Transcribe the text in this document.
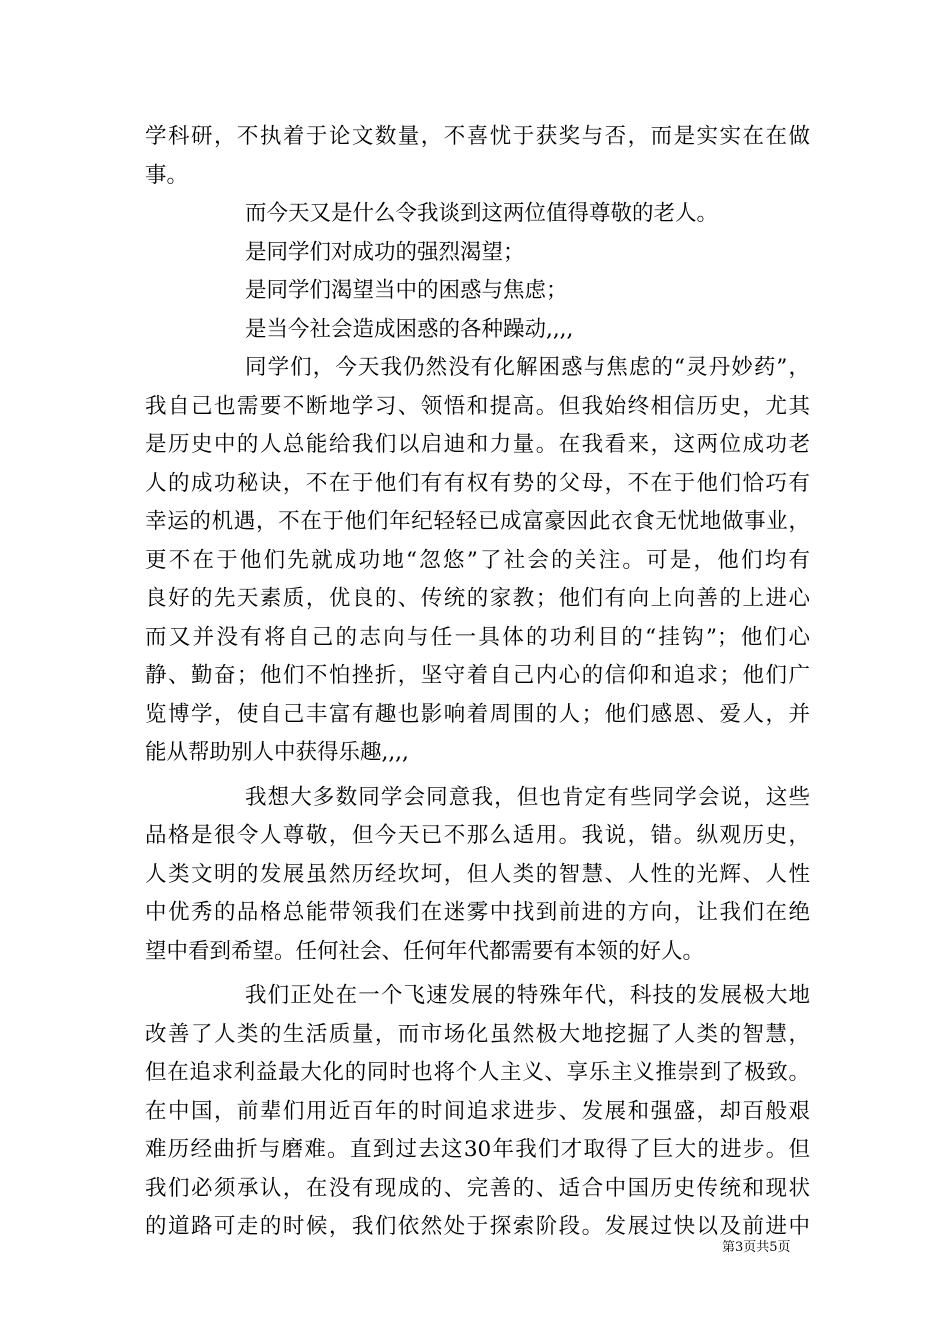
学科研，不执着于论文数量，不喜忧于获奖与否，而是实实在在做
事。
而今天又是什么令我谈到这两位值得尊敬的老人。
是同学们对成功的强烈渴望；
是同学们渴望当中的困惑与焦虑；
是当今社会造成困惑的各种躁动,,,,
同学们，今天我仍然没有化解困惑与焦虑的“灵丹妙药”，
我自己也需要不断地学习、领悟和提高。但我始终相信历史，尤其
是历史中的人总能给我们以启迪和力量。在我看来，这两位成功老
人的成功秘诀，不在于他们有有权有势的父母，不在于他们恰巧有
幸运的机遇，不在于他们年纪轻轻已成富豪因此衣食无忧地做事业，
更不在于他们先就成功地“忽悠”了社会的关注。可是，他们均有
良好的先天素质，优良的、传统的家教；他们有向上向善的上进心
而又并没有将自己的志向与任一具体的功利目的“挂钩”；他们心
静、勤奋；他们不怕挫折，坚守着自己内心的信仰和追求；他们广
览博学，使自己丰富有趣也影响着周围的人；他们感恩、爱人，并
能从帮助别人中获得乐趣,,,,
我想大多数同学会同意我，但也肯定有些同学会说，这些
品格是很令人尊敬，但今天已不那么适用。我说，错。纵观历史，
人类文明的发展虽然历经坎坷，但人类的智慧、人性的光辉、人性
中优秀的品格总能带领我们在迷雾中找到前进的方向，让我们在绝
望中看到希望。任何社会、任何年代都需要有本领的好人。
我们正处在一个飞速发展的特殊年代，科技的发展极大地
改善了人类的生活质量，而市场化虽然极大地挖掘了人类的智慧，
但在追求利益最大化的同时也将个人主义、享乐主义推崇到了极致。
在中国，前辈们用近百年的时间追求进步、发展和强盛，却百般艰
难历经曲折与磨难。直到过去这30年我们才取得了巨大的进步。但
我们必须承认，在没有现成的、完善的、适合中国历史传统和现状
的道路可走的时候，我们依然处于探索阶段。发展过快以及前进中
第3页共5页
